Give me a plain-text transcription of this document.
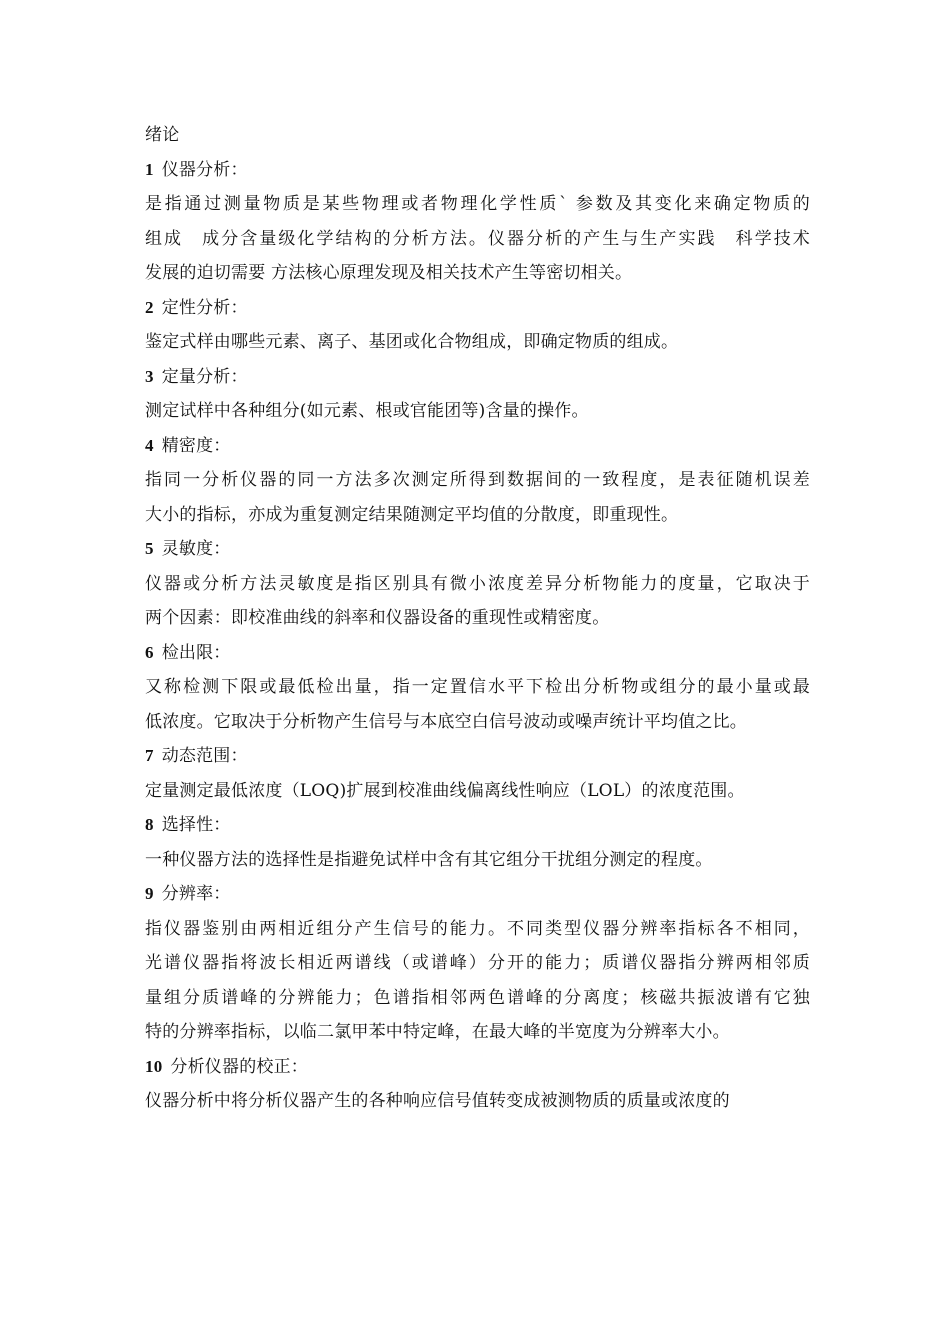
绪论
1 仪器分析：
是指通过测量物质是某些物理或者物理化学性质` 参数及其变化来确定物质的
组成　成分含量级化学结构的分析方法。仪器分析的产生与生产实践　科学技术
发展的迫切需要 方法核心原理发现及相关技术产生等密切相关。
2 定性分析：
鉴定式样由哪些元素、离子、基团或化合物组成，即确定物质的组成。
3 定量分析：
测定试样中各种组分(如元素、根或官能团等)含量的操作。
4 精密度：
指同一分析仪器的同一方法多次测定所得到数据间的一致程度，是表征随机误差
大小的指标，亦成为重复测定结果随测定平均值的分散度，即重现性。
5 灵敏度：
仪器或分析方法灵敏度是指区别具有微小浓度差异分析物能力的度量，它取决于
两个因素：即校准曲线的斜率和仪器设备的重现性或精密度。
6 检出限：
又称检测下限或最低检出量，指一定置信水平下检出分析物或组分的最小量或最
低浓度。它取决于分析物产生信号与本底空白信号波动或噪声统计平均值之比。
7 动态范围：
定量测定最低浓度（LOQ)扩展到校准曲线偏离线性响应（LOL）的浓度范围。
8 选择性：
一种仪器方法的选择性是指避免试样中含有其它组分干扰组分测定的程度。
9 分辨率：
指仪器鉴别由两相近组分产生信号的能力。不同类型仪器分辨率指标各不相同，
光谱仪器指将波长相近两谱线（或谱峰）分开的能力；质谱仪器指分辨两相邻质
量组分质谱峰的分辨能力；色谱指相邻两色谱峰的分离度；核磁共振波谱有它独
特的分辨率指标，以临二氯甲苯中特定峰，在最大峰的半宽度为分辨率大小。
10 分析仪器的校正：
仪器分析中将分析仪器产生的各种响应信号值转变成被测物质的质量或浓度的
